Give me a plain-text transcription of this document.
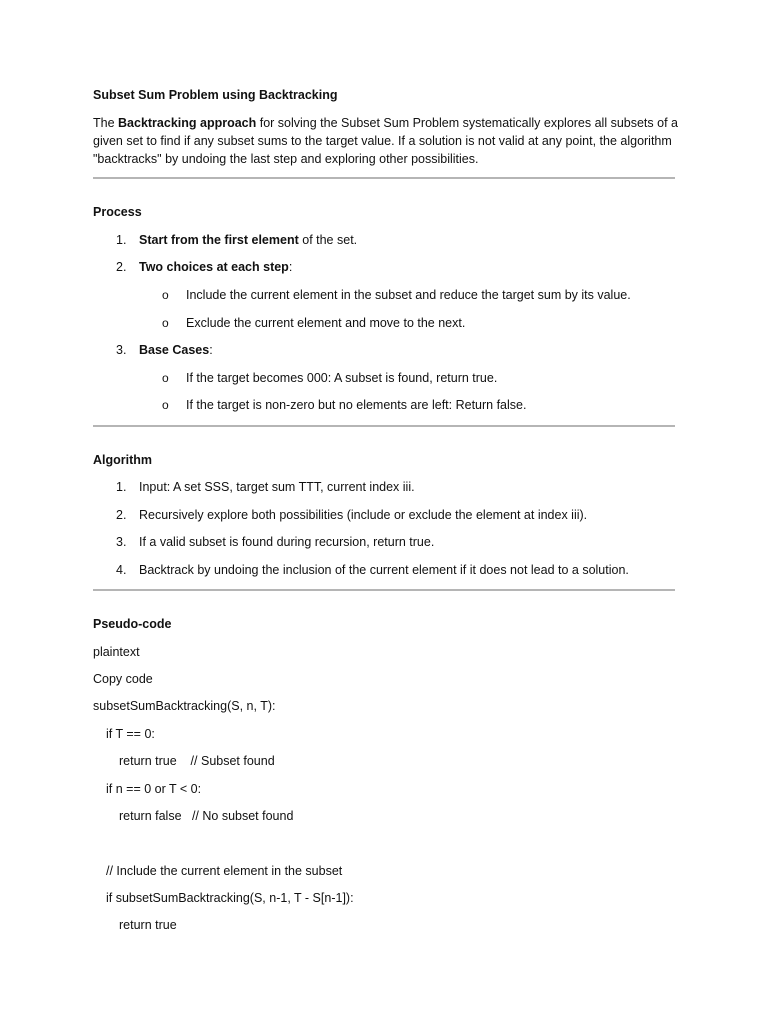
Subset Sum Problem using Backtracking

The Backtracking approach for solving the Subset Sum Problem systematically explores all subsets of a given set to find if any subset sums to the target value. If a solution is not valid at any point, the algorithm "backtracks" by undoing the last step and exploring other possibilities.

Process

1.	Start from the first element of the set.
2.	Two choices at each step:
o Include the current element in the subset and reduce the target sum by its value.
o Exclude the current element and move to the next.
3.	Base Cases:
o If the target becomes 000: A subset is found, return true.
o If the target is non-zero but no elements are left: Return false.

Algorithm

1.	Input: A set SSS, target sum TTT, current index iii.
2.	Recursively explore both possibilities (include or exclude the element at index iii).
3.	If a valid subset is found during recursion, return true.
4.	Backtrack by undoing the inclusion of the current element if it does not lead to a solution.

Pseudo-code

plaintext

Copy code

subsetSumBacktracking(S, n, T):
if T == 0:
return true    // Subset found
if n == 0 or T < 0:
return false   // No subset found
// Include the current element in the subset
if subsetSumBacktracking(S, n-1, T - S[n-1]):
return true
